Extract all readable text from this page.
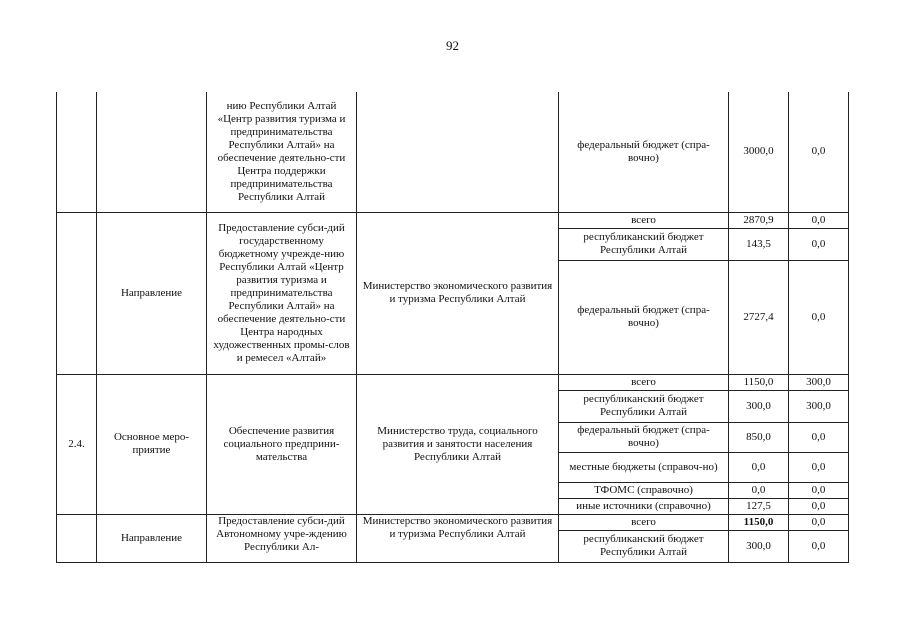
92
		нию Республики Алтай «Центр развития туризма и предпринимательства Республики Алтай» на обеспечение деятельно-сти Центра поддержки предпринимательства Республики Алтай		федеральный бюджет (спра-вочно)	3000,0	0,0
	Направление	Предоставление субси-дий государственному бюджетному учрежде-нию Республики Алтай «Центр развития туризма и предпринимательства Республики Алтай» на обеспечение деятельно-сти Центра народных художественных промы-слов и ремесел «Алтай»	Министерство экономического развития и туризма Республики Алтай	всего	2870,9	0,0
				республиканский бюджет Республики Алтай	143,5	0,0
				федеральный бюджет (спра-вочно)	2727,4	0,0
2.4.	Основное меро-приятие	Обеспечение развития социального предприни-мательства	Министерство труда, социального развития и занятости населения Республики Алтай	всего	1150,0	300,0
				республиканский бюджет Республики Алтай	300,0	300,0
				федеральный бюджет (спра-вочно)	850,0	0,0
				местные бюджеты (справоч-но)	0,0	0,0
				ТФОМС (справочно)	0,0	0,0
				иные источники (справочно)	127,5	0,0
	Направление	Предоставление субси-дий Автономному учре-ждению Республики Ал-	Министерство экономического развития и туризма Республики Алтай	всего	1150,0	0,0
				республиканский бюджет Республики Алтай	300,0	0,0
